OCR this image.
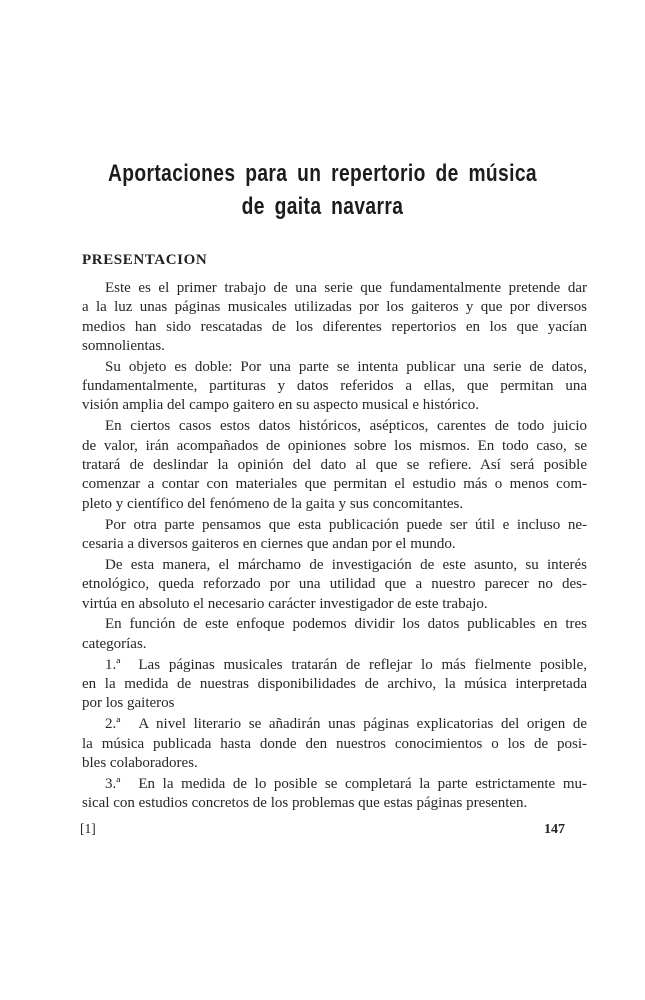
Aportaciones para un repertorio de música
de gaita navarra
PRESENTACION
Este es el primer trabajo de una serie que fundamentalmente pretende dar
a la luz unas páginas musicales utilizadas por los gaiteros y que por diversos
medios han sido rescatadas de los diferentes repertorios en los que yacían
somnolientas.
Su objeto es doble: Por una parte se intenta publicar una serie de datos,
fundamentalmente, partituras y datos referidos a ellas, que permitan una
visión amplia del campo gaitero en su aspecto musical e histórico.
En ciertos casos estos datos históricos, asépticos, carentes de todo juicio
de valor, irán acompañados de opiniones sobre los mismos. En todo caso, se
tratará de deslindar la opinión del dato al que se refiere. Así será posible
comenzar a contar con materiales que permitan el estudio más o menos com-
pleto y científico del fenómeno de la gaita y sus concomitantes.
Por otra parte pensamos que esta publicación puede ser útil e incluso ne-
cesaria a diversos gaiteros en ciernes que andan por el mundo.
De esta manera, el márchamo de investigación de este asunto, su interés
etnológico, queda reforzado por una utilidad que a nuestro parecer no des-
virtúa en absoluto el necesario carácter investigador de este trabajo.
En función de este enfoque podemos dividir los datos publicables en tres
categorías.
1.ª Las páginas musicales tratarán de reflejar lo más fielmente posible,
en la medida de nuestras disponibilidades de archivo, la música interpretada
por los gaiteros
2.ª A nivel literario se añadirán unas páginas explicatorias del origen de
la música publicada hasta donde den nuestros conocimientos o los de posi-
bles colaboradores.
3.ª En la medida de lo posible se completará la parte estrictamente mu-
sical con estudios concretos de los problemas que estas páginas presenten.
[1]	147
